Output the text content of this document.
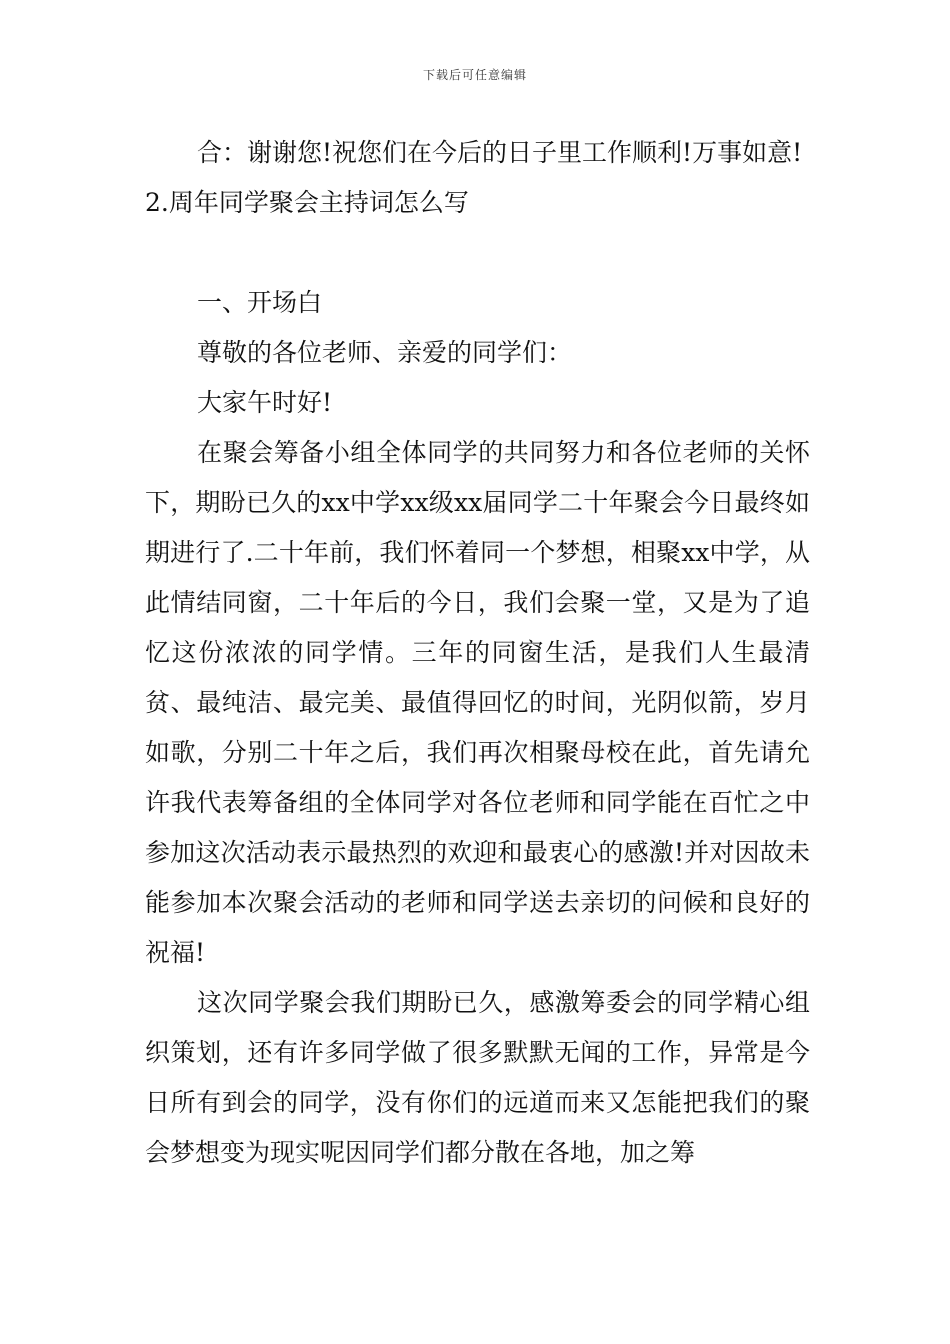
下载后可任意编辑

合：谢谢您!祝您们在今后的日子里工作顺利!万事如意!

2.周年同学聚会主持词怎么写

一、开场白

尊敬的各位老师、亲爱的同学们：

大家午时好!

在聚会筹备小组全体同学的共同努力和各位老师的关怀下，期盼已久的xx中学xx级xx届同学二十年聚会今日最终如期进行了.二十年前，我们怀着同一个梦想，相聚xx中学，从此情结同窗，二十年后的今日，我们会聚一堂，又是为了追忆这份浓浓的同学情。三年的同窗生活，是我们人生最清贫、最纯洁、最完美、最值得回忆的时间，光阴似箭，岁月如歌，分别二十年之后，我们再次相聚母校在此，首先请允许我代表筹备组的全体同学对各位老师和同学能在百忙之中参加这次活动表示最热烈的欢迎和最衷心的感激!并对因故未能参加本次聚会活动的老师和同学送去亲切的问候和良好的祝福!

这次同学聚会我们期盼已久，感激筹委会的同学精心组织策划，还有许多同学做了很多默默无闻的工作，异常是今日所有到会的同学，没有你们的远道而来又怎能把我们的聚会梦想变为现实呢因同学们都分散在各地，加之筹
